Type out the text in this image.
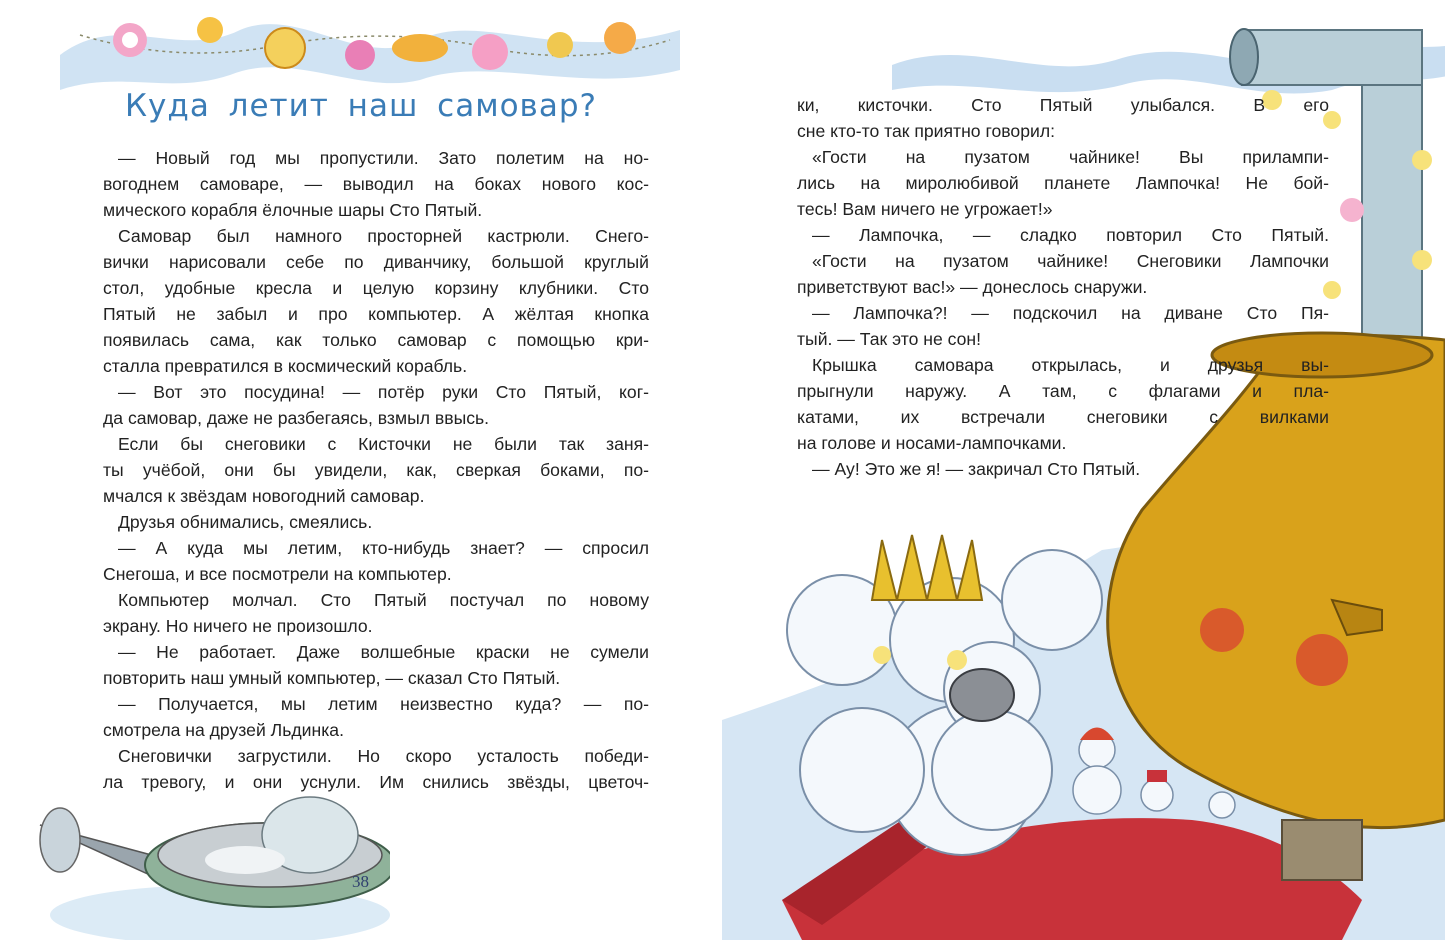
Куда летит наш самовар?

— Новый год мы пропустили. Зато полетим на но-

вогоднем самоваре, — выводил на боках нового кос-

мического корабля ёлочные шары Сто Пятый.

Самовар был намного просторней кастрюли. Снего-

вички нарисовали себе по диванчику, большой круглый

стол, удобные кресла и целую корзину клубники. Сто

Пятый не забыл и про компьютер. А жёлтая кнопка

появилась сама, как только самовар с помощью кри-

сталла превратился в космический корабль.

— Вот это посудина! — потёр руки Сто Пятый, ког-

да самовар, даже не разбегаясь, взмыл ввысь.

Если бы снеговики с Кисточки не были так заня-

ты учёбой, они бы увидели, как, сверкая боками, по-

мчался к звёздам новогодний самовар.

Друзья обнимались, смеялись.

— А куда мы летим, кто-нибудь знает? — спросил

Снегоша, и все посмотрели на компьютер.

Компьютер молчал. Сто Пятый постучал по новому

экрану. Но ничего не произошло.

— Не работает. Даже волшебные краски не сумели

повторить наш умный компьютер, — сказал Сто Пятый.

— Получается, мы летим неизвестно куда? — по-

смотрела на друзей Льдинка.

Снеговички загрустили. Но скоро усталость победи-

ла тревогу, и они уснули. Им снились звёзды, цветоч-

38

ки, кисточки. Сто Пятый улыбался. В его

сне кто-то так приятно говорил:

«Гости на пузатом чайнике! Вы прилампи-

лись на миролюбивой планете Лампочка! Не бой-

тесь! Вам ничего не угрожает!»

— Лампочка, — сладко повторил Сто Пятый.

«Гости на пузатом чайнике! Снеговики Лампочки

приветствуют вас!» — донеслось снаружи.

— Лампочка?! — подскочил на диване Сто Пя-

тый. — Так это не сон!

Крышка самовара открылась, и друзья вы-

прыгнули наружу. А там, с флагами и пла-

катами, их встречали снеговики с вилками

на голове и носами-лампочками.

— Ау! Это же я! — закричал Сто Пятый.
